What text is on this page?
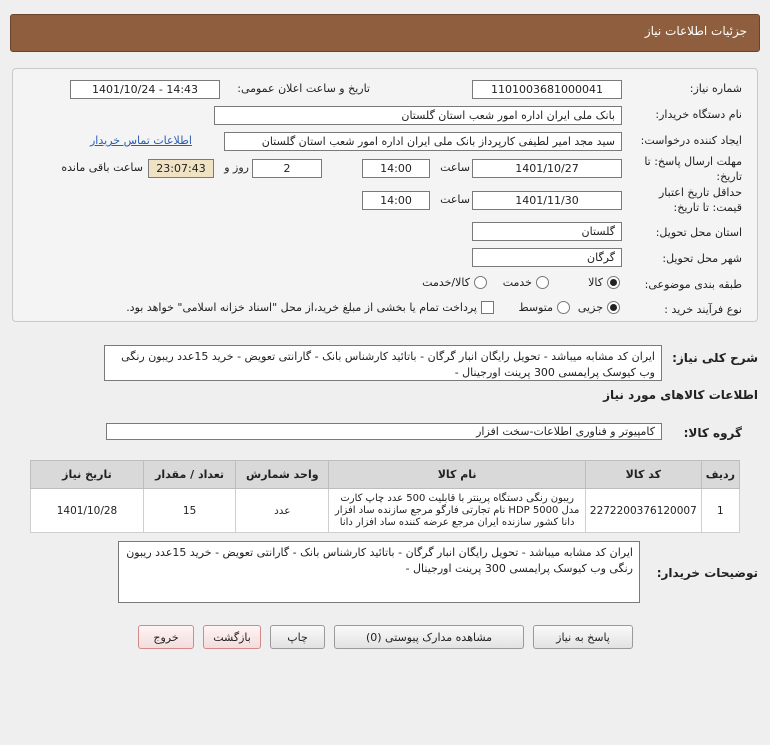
جزئیات اطلاعات نیاز
شماره نیاز:
1101003681000041
تاریخ و ساعت اعلان عمومی:
1401/10/24 - 14:43
نام دستگاه خریدار:
بانک ملی ایران اداره امور شعب استان گلستان
ایجاد کننده درخواست:
سید مجد امیر لطیفی کارپرداز بانک ملی ایران اداره امور شعب استان گلستان
اطلاعات تماس خریدار
مهلت ارسال پاسخ: تا تاریخ:
1401/10/27
ساعت
14:00
2
روز و
23:07:43
ساعت باقی مانده
حداقل تاریخ اعتبار قیمت: تا تاریخ:
1401/11/30
ساعت
14:00
استان محل تحویل:
گلستان
شهر محل تحویل:
گرگان
طبقه بندی موضوعی:
کالا
خدمت
کالا/خدمت
نوع فرآیند خرید :
جزیی
متوسط
پرداخت تمام یا بخشی از مبلغ خرید،از محل "اسناد خزانه اسلامی" خواهد بود.
شرح کلی نیاز:
ایران کد مشابه میباشد - تحویل رایگان انبار گرگان - باتائید کارشناس بانک - گارانتی تعویض - خرید 15عدد ریبون رنگی وب کیوسک پرایمسی 300 پرینت اورجینال -
اطلاعات کالاهای مورد نیاز
گروه کالا:
کامپیوتر و فناوری اطلاعات-سخت افزار
ردیف	کد کالا	نام کالا	واحد شمارش	تعداد / مقدار	تاریخ نیاز
1	2272200376120007	ریبون رنگی دستگاه پرینتر با قابلیت 500 عدد چاپ کارت مدل HDP 5000 نام تجارتی فارگو مرجع سازنده ساد افزار دانا کشور سازنده ایران مرجع عرضه کننده ساد افزار دانا	عدد	15	1401/10/28
توضیحات خریدار:
ایران کد مشابه میباشد - تحویل رایگان انبار گرگان - باتائید کارشناس بانک - گارانتی تعویض - خرید 15عدد ریبون رنگی وب کیوسک پرایمسی 300 پرینت اورجینال -
پاسخ به نیاز
مشاهده مدارک پیوستی (0)
چاپ
بازگشت
خروج
